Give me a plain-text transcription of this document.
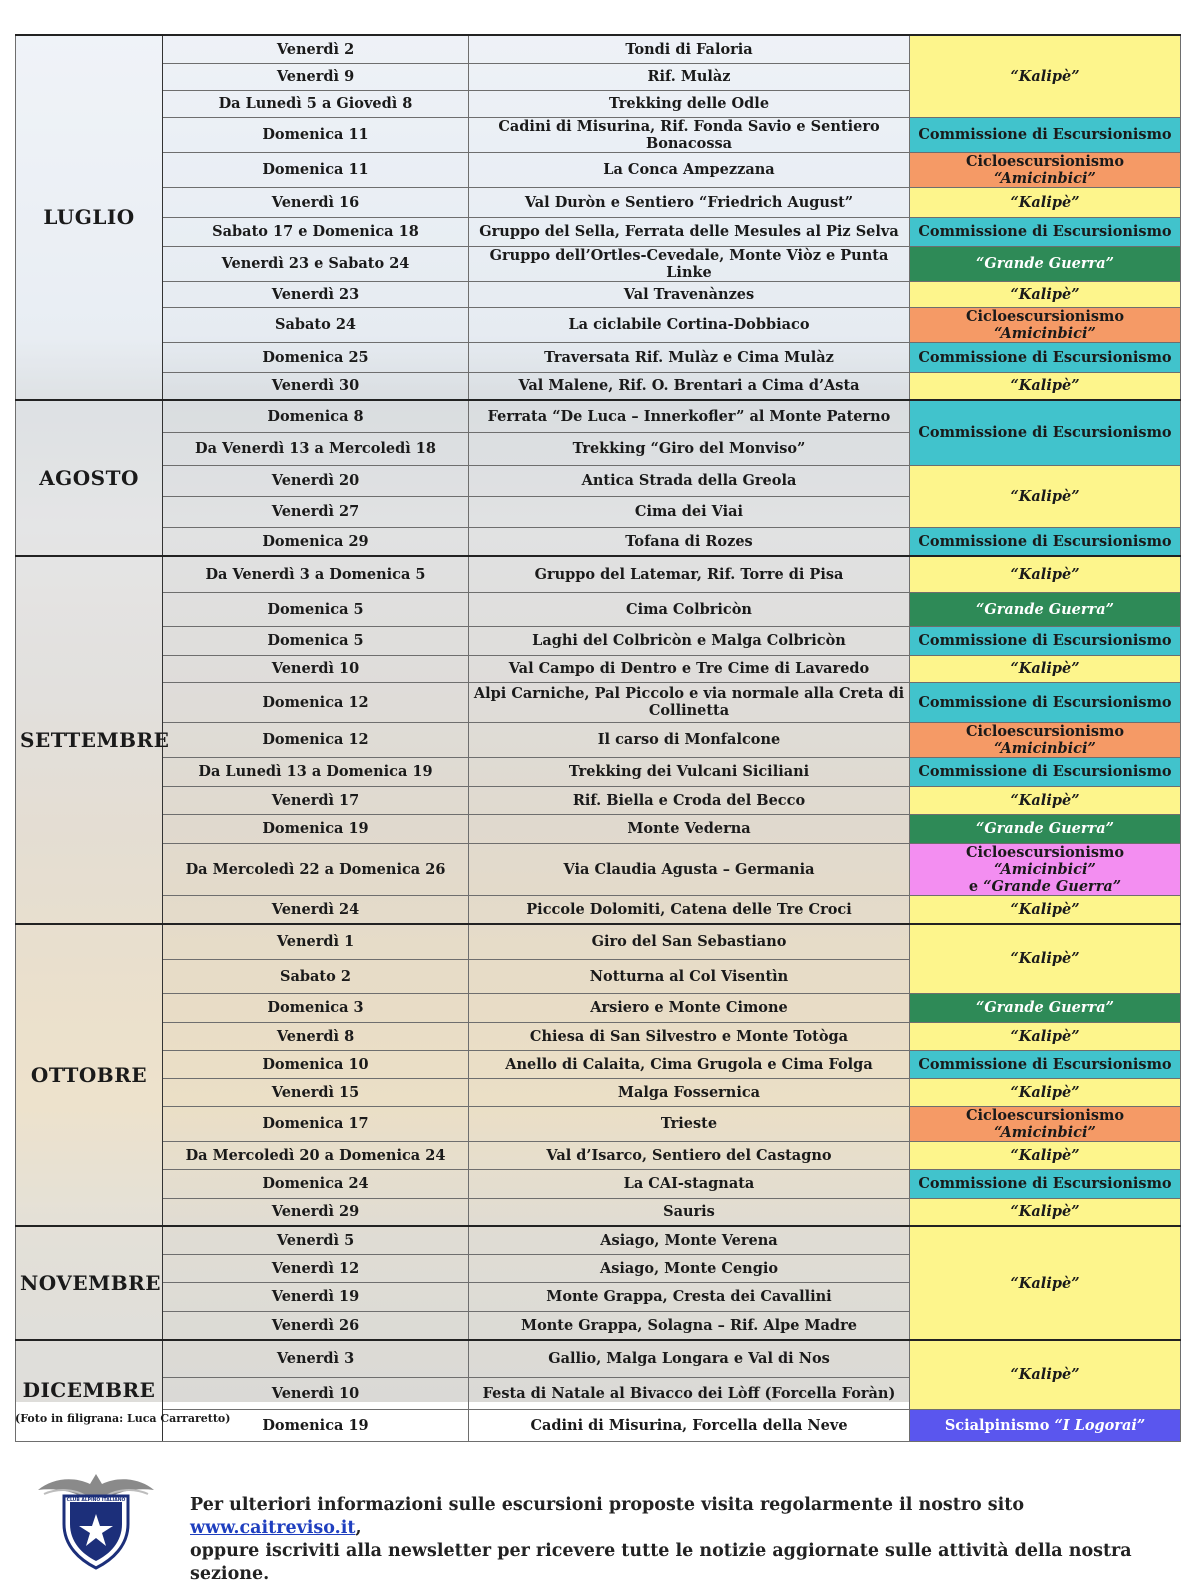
LUGLIO	Venerdì 2	Tondi di Faloria	“Kalipè”
	Venerdì 9	Rif. Mulàz	
	Da Lunedì 5 a Giovedì 8	Trekking delle Odle	
	Domenica 11	Cadini di Misurina, Rif. Fonda Savio e Sentiero Bonacossa	Commissione di Escursionismo
	Domenica 11	La Conca Ampezzana	Cicloescursionismo “Amicinbici”
	Venerdì 16	Val Duròn e Sentiero “Friedrich August”	“Kalipè”
	Sabato 17 e Domenica 18	Gruppo del Sella, Ferrata delle Mesules al Piz Selva	Commissione di Escursionismo
	Venerdì 23 e Sabato 24	Gruppo dell’Ortles-Cevedale, Monte Viòz e Punta Linke	“Grande Guerra”
	Venerdì 23	Val Travenànzes	“Kalipè”
	Sabato 24	La ciclabile Cortina-Dobbiaco	Cicloescursionismo “Amicinbici”
	Domenica 25	Traversata Rif. Mulàz e Cima Mulàz	Commissione di Escursionismo
	Venerdì 30	Val Malene, Rif. O. Brentari a Cima d’Asta	“Kalipè”
AGOSTO	Domenica 8	Ferrata “De Luca – Innerkofler” al Monte Paterno	Commissione di Escursionismo
	Da Venerdì 13 a Mercoledì 18	Trekking “Giro del Monviso”	
	Venerdì 20	Antica Strada della Greola	“Kalipè”
	Venerdì 27	Cima dei Viai	
	Domenica 29	Tofana di Rozes	Commissione di Escursionismo
SETTEMBRE	Da Venerdì 3 a Domenica 5	Gruppo del Latemar, Rif. Torre di Pisa	“Kalipè”
	Domenica 5	Cima Colbricòn	“Grande Guerra”
	Domenica 5	Laghi del Colbricòn e Malga Colbricòn	Commissione di Escursionismo
	Venerdì 10	Val Campo di Dentro e Tre Cime di Lavaredo	“Kalipè”
	Domenica 12	Alpi Carniche, Pal Piccolo e via normale alla Creta di Collinetta	Commissione di Escursionismo
	Domenica 12	Il carso di Monfalcone	Cicloescursionismo “Amicinbici”
	Da Lunedì 13 a Domenica 19	Trekking dei Vulcani Siciliani	Commissione di Escursionismo
	Venerdì 17	Rif. Biella e Croda del Becco	“Kalipè”
	Domenica 19	Monte Vederna	“Grande Guerra”
	Da Mercoledì 22 a Domenica 26	Via Claudia Agusta – Germania	Cicloescursionismo “Amicinbici”
e “Grande Guerra”
	Venerdì 24	Piccole Dolomiti, Catena delle Tre Croci	“Kalipè”
OTTOBRE	Venerdì 1	Giro del San Sebastiano	“Kalipè”
	Sabato 2	Notturna al Col Visentìn	
	Domenica 3	Arsiero e Monte Cimone	“Grande Guerra”
	Venerdì 8	Chiesa di San Silvestro e Monte Totòga	“Kalipè”
	Domenica 10	Anello di Calaita, Cima Grugola e Cima Folga	Commissione di Escursionismo
	Venerdì 15	Malga Fossernica	“Kalipè”
	Domenica 17	Trieste	Cicloescursionismo “Amicinbici”
	Da Mercoledì 20 a Domenica 24	Val d’Isarco, Sentiero del Castagno	“Kalipè”
	Domenica 24	La CAI-stagnata	Commissione di Escursionismo
	Venerdì 29	Sauris	“Kalipè”
NOVEMBRE	Venerdì 5	Asiago, Monte Verena	“Kalipè”
	Venerdì 12	Asiago, Monte Cengio	
	Venerdì 19	Monte Grappa, Cresta dei Cavallini	
	Venerdì 26	Monte Grappa, Solagna – Rif. Alpe Madre	
DICEMBRE	Venerdì 3	Gallio, Malga Longara e Val di Nos	“Kalipè”
	Venerdì 10	Festa di Natale al Bivacco dei Lòff (Forcella Foràn)	
	Domenica 19	Cadini di Misurina, Forcella della Neve	Scialpinismo “I Logorai”
(Foto in filigrana: Luca Carraretto)
CLUB ALPINO ITALIANO	Per ulteriori informazioni sulle escursioni proposte visita regolarmente il nostro sito www.caitreviso.it,
oppure iscriviti alla newsletter per ricevere tutte le notizie aggiornate sulle attività della nostra sezione.
